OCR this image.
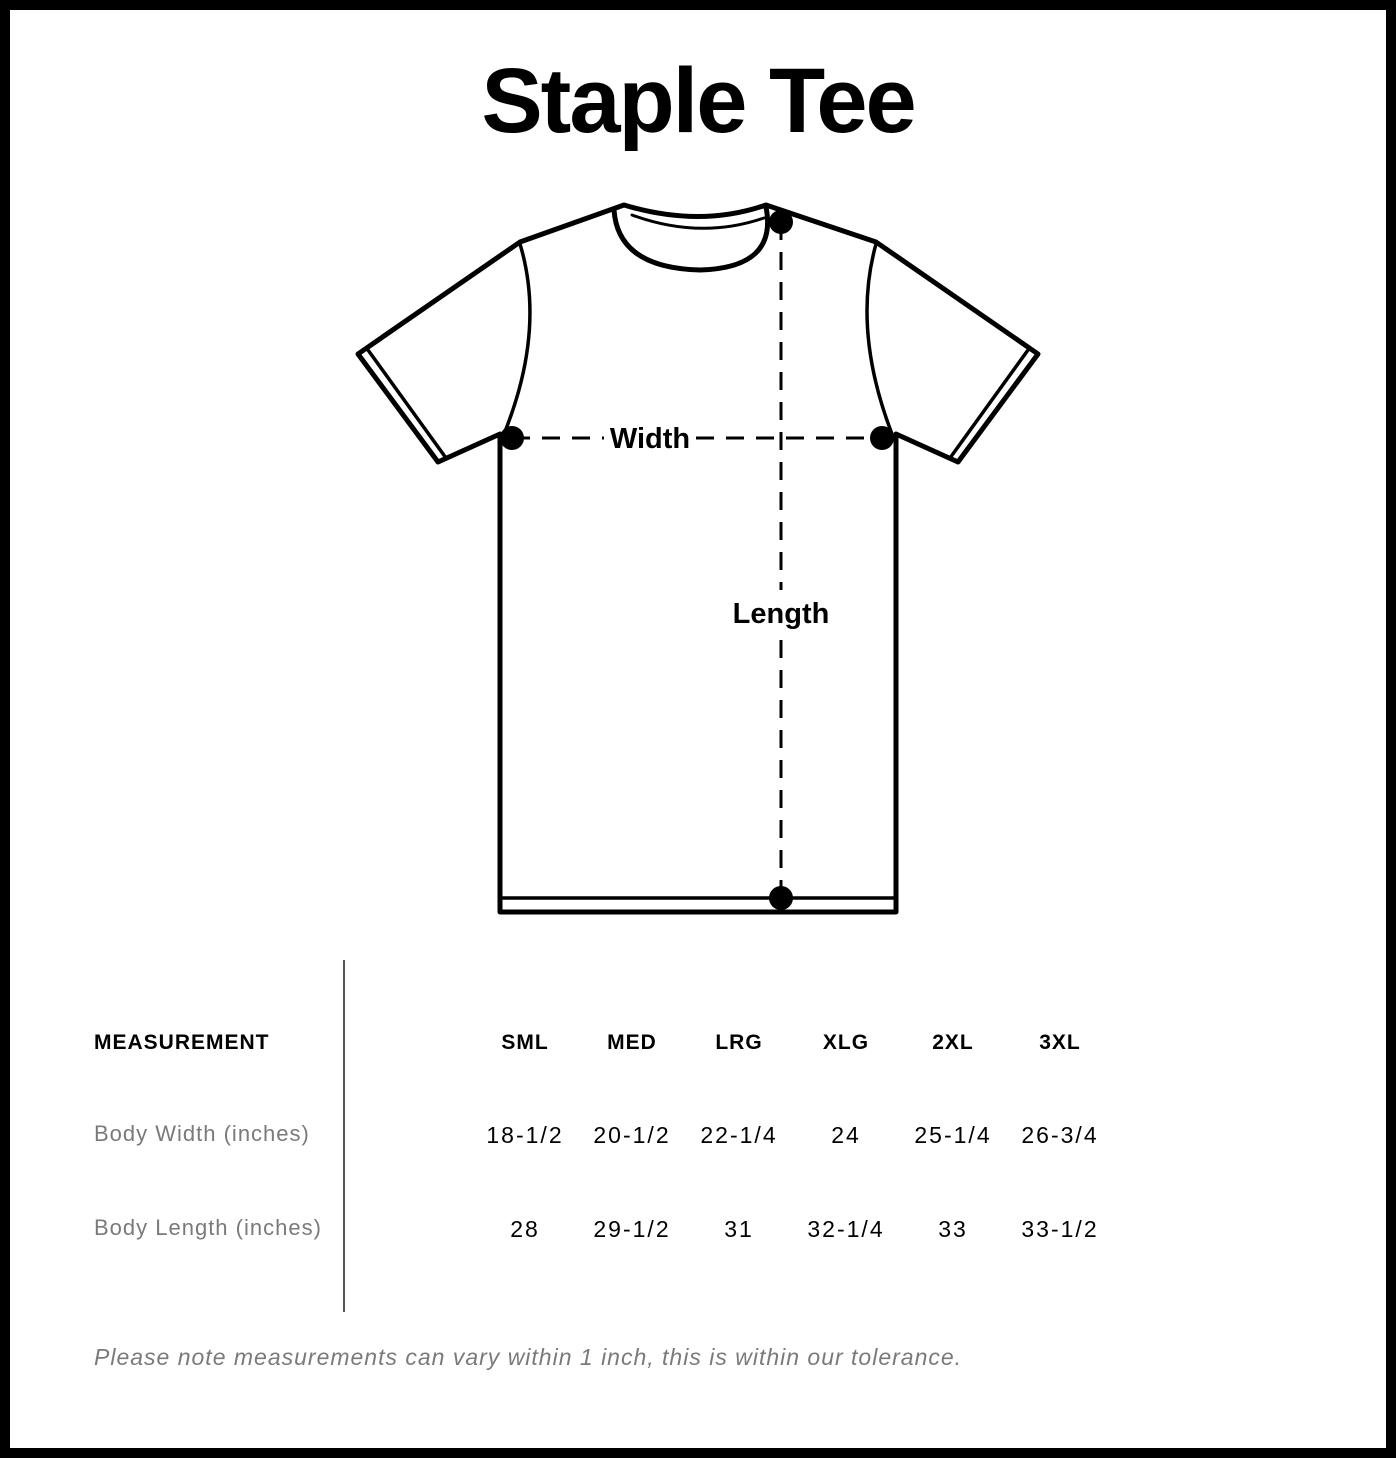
Staple Tee
Width
Length
MEASUREMENT	SML	MED	LRG	XLG	2XL	3XL
Body Width (inches)	18-1/2	20-1/2	22-1/4	24	25-1/4	26-3/4
Body Length (inches)	28	29-1/2	31	32-1/4	33	33-1/2
Please note measurements can vary within 1 inch, this is within our tolerance.
